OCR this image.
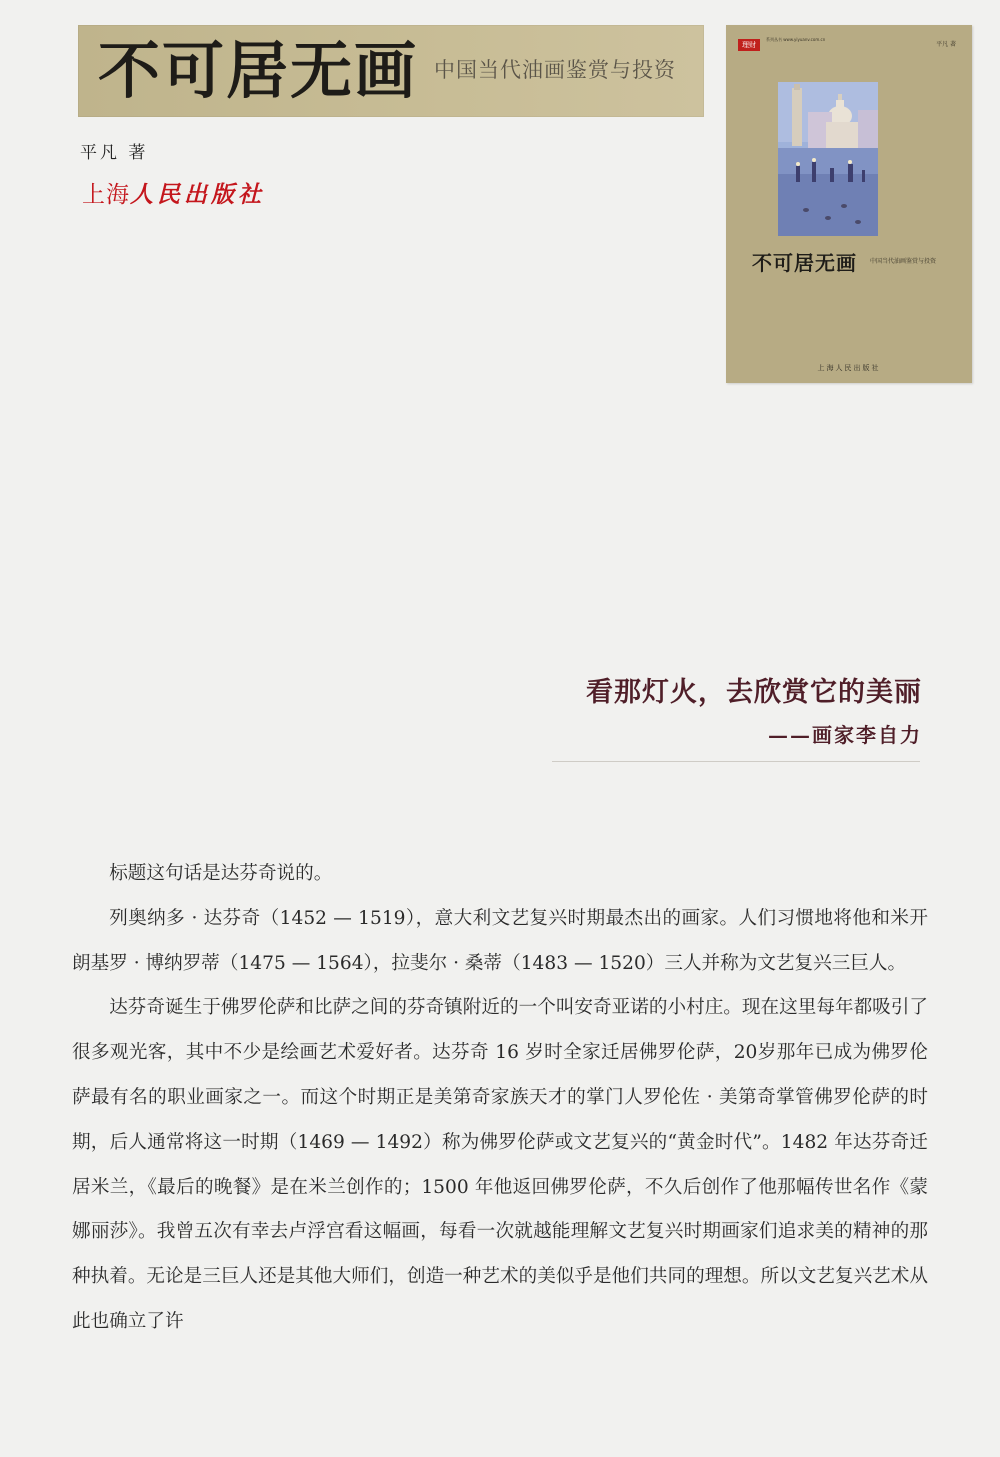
不可居无画 中国当代油画鉴赏与投资
平凡 著
上海人民出版社
理财
系列丛书 www.yiyuanv.com.cn
平凡 著
不可居无画 中国当代油画鉴赏与投资
上海人民出版社
看那灯火，去欣赏它的美丽
——画家李自力

标题这句话是达芬奇说的。

列奥纳多 · 达芬奇（1452 — 1519），意大利文艺复兴时期最杰出的画家。人们习惯地将他和米开朗基罗 · 博纳罗蒂（1475 — 1564），拉斐尔 · 桑蒂（1483 — 1520）三人并称为文艺复兴三巨人。

达芬奇诞生于佛罗伦萨和比萨之间的芬奇镇附近的一个叫安奇亚诺的小村庄。现在这里每年都吸引了很多观光客，其中不少是绘画艺术爱好者。达芬奇 16 岁时全家迁居佛罗伦萨，20岁那年已成为佛罗伦萨最有名的职业画家之一。而这个时期正是美第奇家族天才的掌门人罗伦佐 · 美第奇掌管佛罗伦萨的时期，后人通常将这一时期（1469 — 1492）称为佛罗伦萨或文艺复兴的“黄金时代”。1482 年达芬奇迁居米兰，《最后的晚餐》是在米兰创作的；1500 年他返回佛罗伦萨，不久后创作了他那幅传世名作《蒙娜丽莎》。我曾五次有幸去卢浮宫看这幅画，每看一次就越能理解文艺复兴时期画家们追求美的精神的那种执着。无论是三巨人还是其他大师们，创造一种艺术的美似乎是他们共同的理想。所以文艺复兴艺术从此也确立了许
